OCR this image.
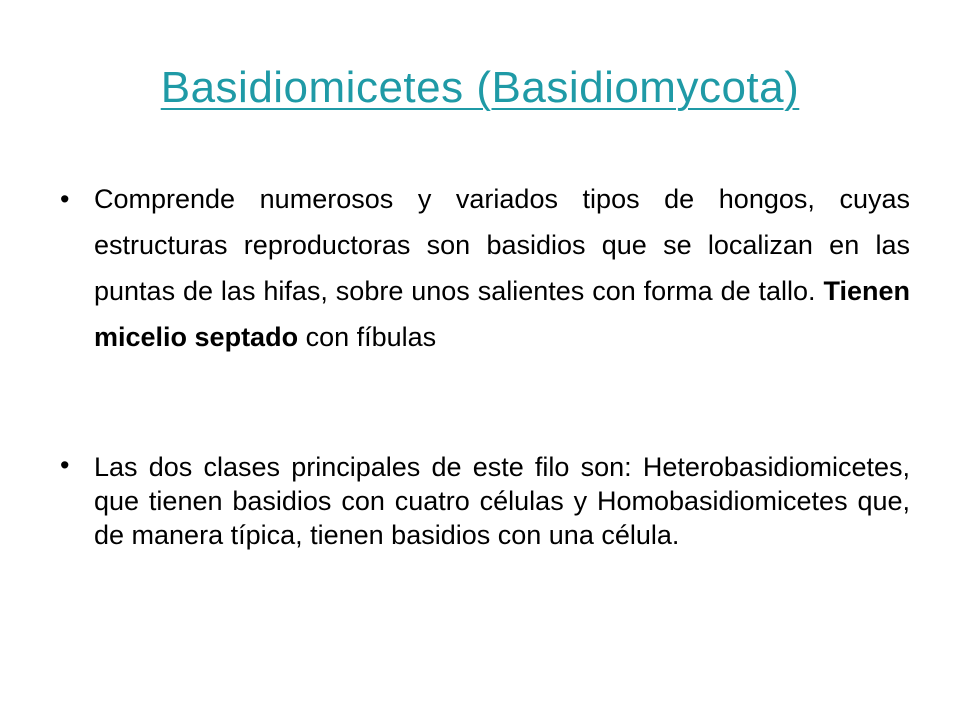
Basidiomicetes (Basidiomycota)
• Comprende numerosos y variados tipos de hongos, cuyas estructuras reproductoras son basidios que se localizan en las puntas de las hifas, sobre unos salientes con forma de tallo. Tienen micelio septado con fíbulas
• Las dos clases principales de este filo son: Heterobasidiomicetes, que tienen basidios con cuatro células y Homobasidiomicetes que, de manera típica, tienen basidios con una célula.
